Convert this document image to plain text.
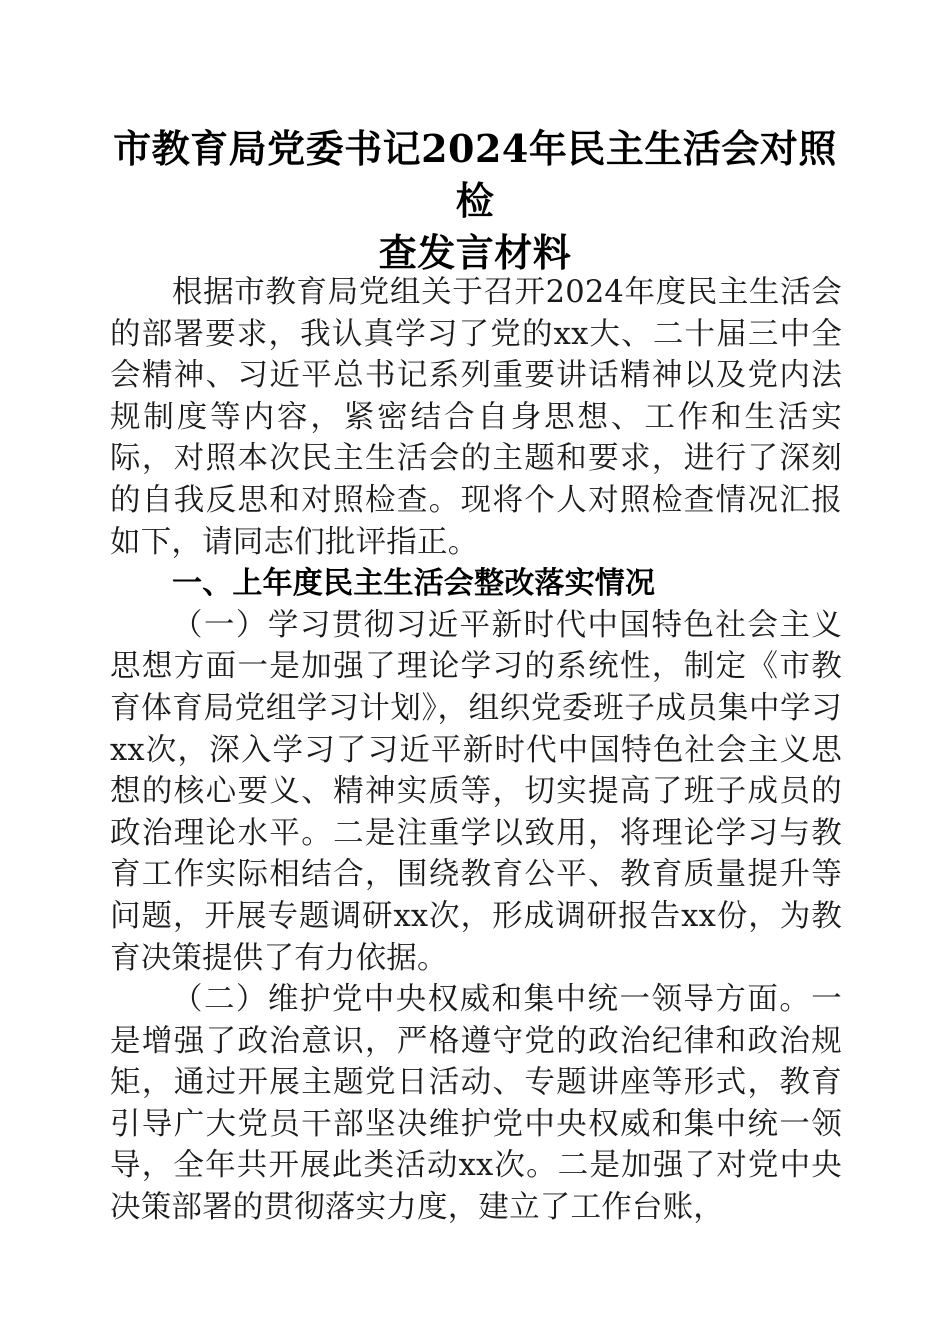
市教育局党委书记2024年民主生活会对照检
查发言材料

根据市教育局党组关于召开2024年度民主生活会的部署要求，我认真学习了党的xx大、二十届三中全会精神、习近平总书记系列重要讲话精神以及党内法规制度等内容，紧密结合自身思想、工作和生活实际，对照本次民主生活会的主题和要求，进行了深刻的自我反思和对照检查。现将个人对照检查情况汇报如下，请同志们批评指正。

一、上年度民主生活会整改落实情况

（一）学习贯彻习近平新时代中国特色社会主义思想方面一是加强了理论学习的系统性，制定《市教育体育局党组学习计划》，组织党委班子成员集中学习xx次，深入学习了习近平新时代中国特色社会主义思想的核心要义、精神实质等，切实提高了班子成员的政治理论水平。二是注重学以致用，将理论学习与教育工作实际相结合，围绕教育公平、教育质量提升等问题，开展专题调研xx次，形成调研报告xx份，为教育决策提供了有力依据。

（二）维护党中央权威和集中统一领导方面。一是增强了政治意识，严格遵守党的政治纪律和政治规矩，通过开展主题党日活动、专题讲座等形式，教育引导广大党员干部坚决维护党中央权威和集中统一领导，全年共开展此类活动xx次。二是加强了对党中央决策部署的贯彻落实力度，建立了工作台账，
